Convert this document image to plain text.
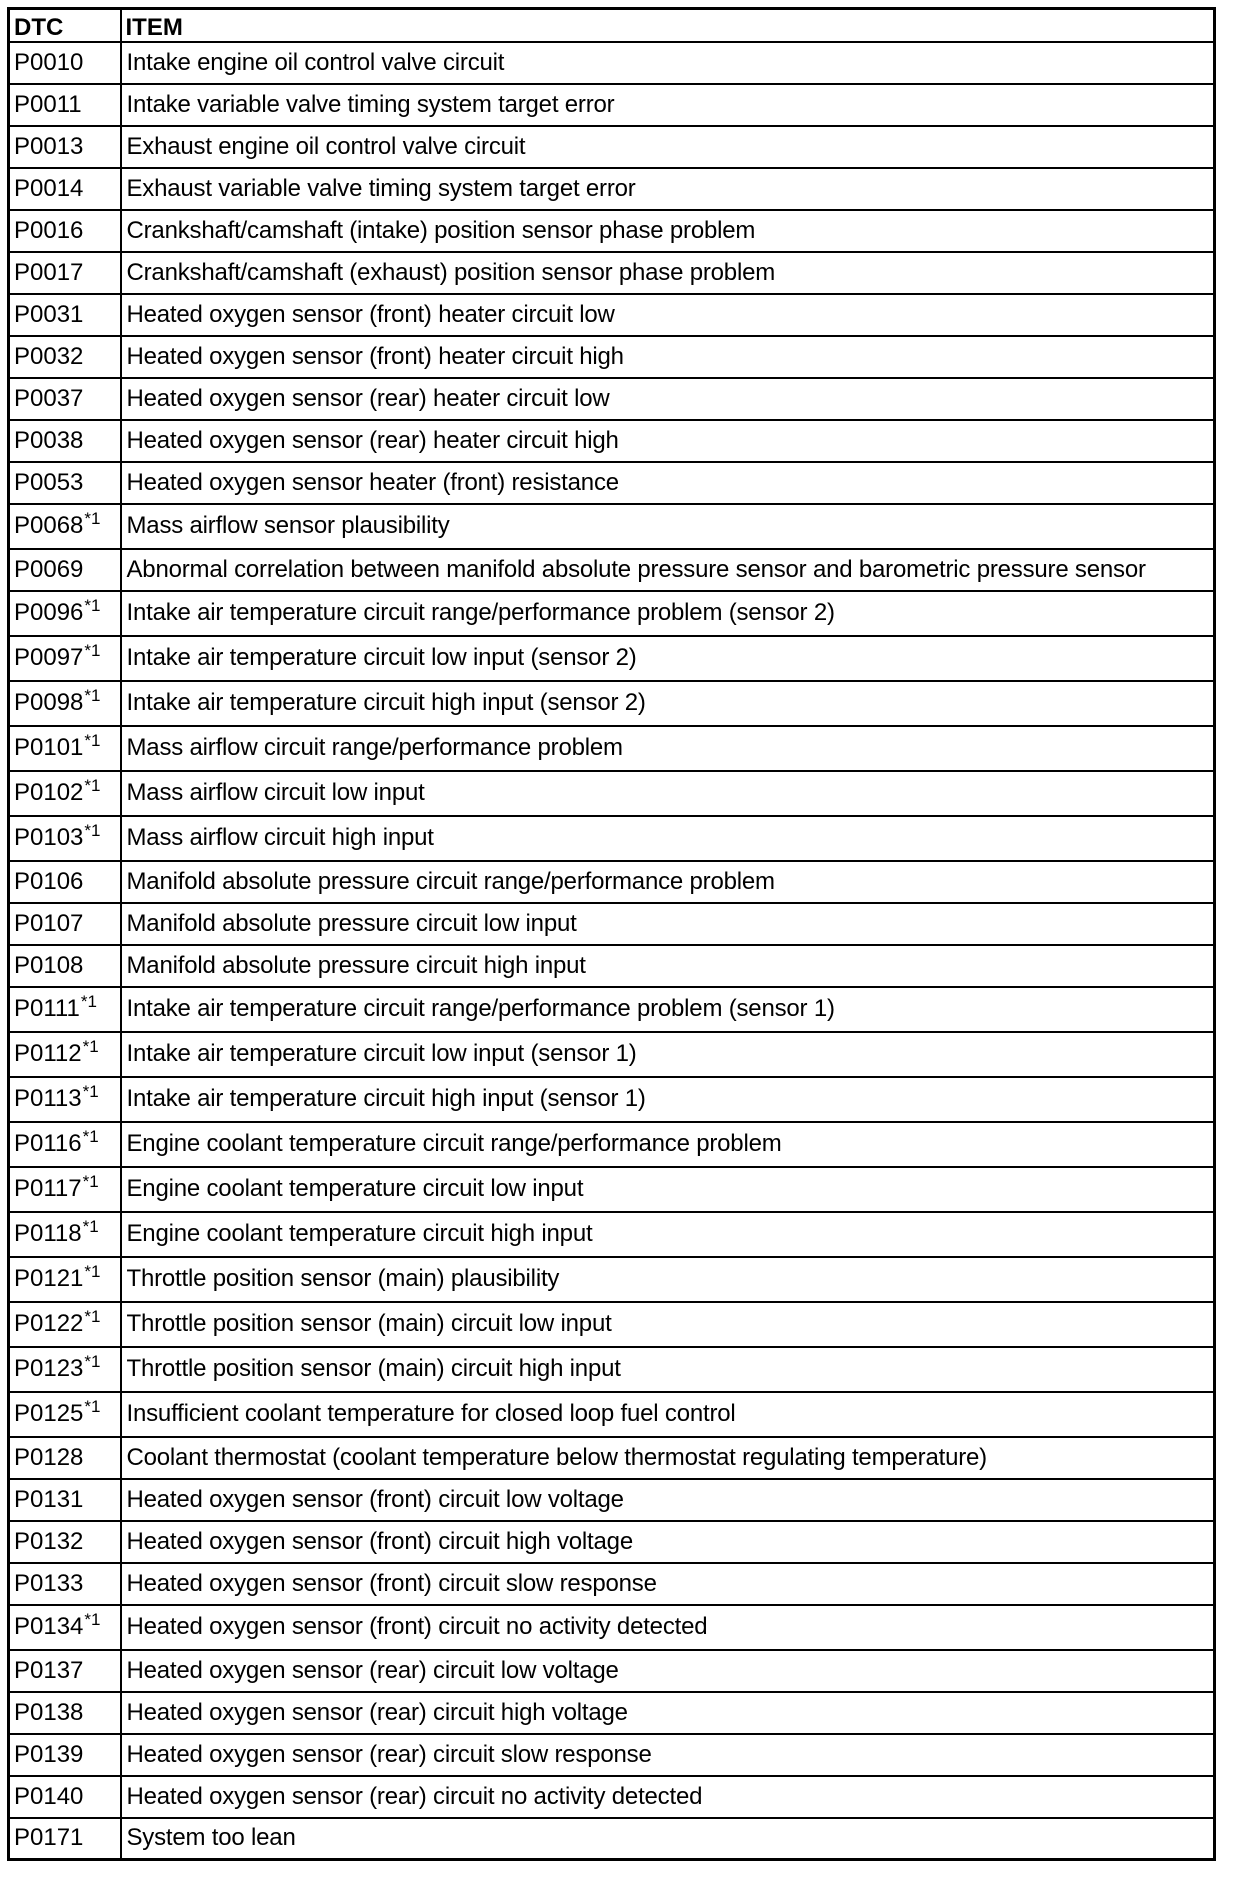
DTC	ITEM
P0010	Intake engine oil control valve circuit
P0011	Intake variable valve timing system target error
P0013	Exhaust engine oil control valve circuit
P0014	Exhaust variable valve timing system target error
P0016	Crankshaft/camshaft (intake) position sensor phase problem
P0017	Crankshaft/camshaft (exhaust) position sensor phase problem
P0031	Heated oxygen sensor (front) heater circuit low
P0032	Heated oxygen sensor (front) heater circuit high
P0037	Heated oxygen sensor (rear) heater circuit low
P0038	Heated oxygen sensor (rear) heater circuit high
P0053	Heated oxygen sensor heater (front) resistance
P0068$^{*1}$	Mass airflow sensor plausibility
P0069	Abnormal correlation between manifold absolute pressure sensor and barometric pressure sensor
P0096$^{*1}$	Intake air temperature circuit range/performance problem (sensor 2)
P0097$^{*1}$	Intake air temperature circuit low input (sensor 2)
P0098$^{*1}$	Intake air temperature circuit high input (sensor 2)
P0101$^{*1}$	Mass airflow circuit range/performance problem
P0102$^{*1}$	Mass airflow circuit low input
P0103$^{*1}$	Mass airflow circuit high input
P0106	Manifold absolute pressure circuit range/performance problem
P0107	Manifold absolute pressure circuit low input
P0108	Manifold absolute pressure circuit high input
P0111$^{*1}$	Intake air temperature circuit range/performance problem (sensor 1)
P0112$^{*1}$	Intake air temperature circuit low input (sensor 1)
P0113$^{*1}$	Intake air temperature circuit high input (sensor 1)
P0116$^{*1}$	Engine coolant temperature circuit range/performance problem
P0117$^{*1}$	Engine coolant temperature circuit low input
P0118$^{*1}$	Engine coolant temperature circuit high input
P0121$^{*1}$	Throttle position sensor (main) plausibility
P0122$^{*1}$	Throttle position sensor (main) circuit low input
P0123$^{*1}$	Throttle position sensor (main) circuit high input
P0125$^{*1}$	Insufficient coolant temperature for closed loop fuel control
P0128	Coolant thermostat (coolant temperature below thermostat regulating temperature)
P0131	Heated oxygen sensor (front) circuit low voltage
P0132	Heated oxygen sensor (front) circuit high voltage
P0133	Heated oxygen sensor (front) circuit slow response
P0134$^{*1}$	Heated oxygen sensor (front) circuit no activity detected
P0137	Heated oxygen sensor (rear) circuit low voltage
P0138	Heated oxygen sensor (rear) circuit high voltage
P0139	Heated oxygen sensor (rear) circuit slow response
P0140	Heated oxygen sensor (rear) circuit no activity detected
P0171	System too lean
